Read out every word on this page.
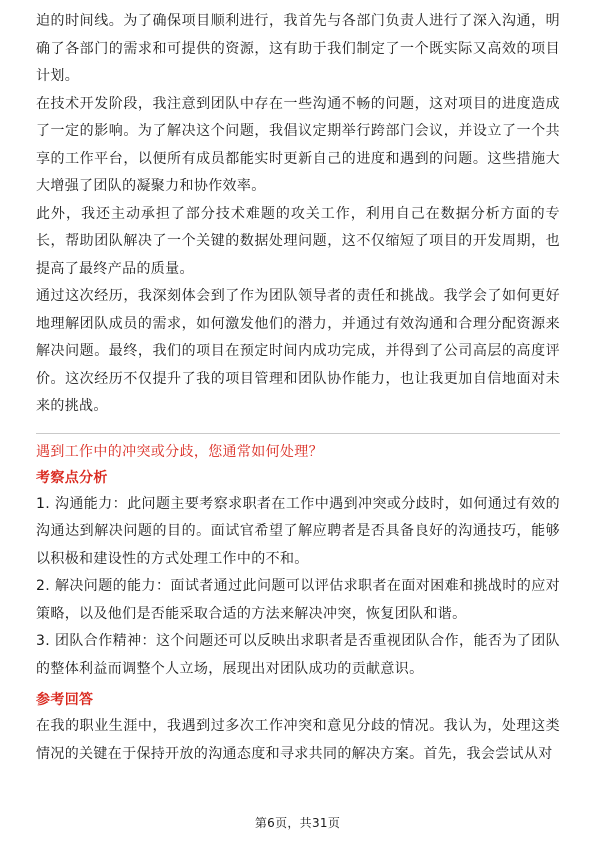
迫的时间线。为了确保项目顺利进行，我首先与各部门负责人进行了深入沟通，明确了各部门的需求和可提供的资源，这有助于我们制定了一个既实际又高效的项目计划。

在技术开发阶段，我注意到团队中存在一些沟通不畅的问题，这对项目的进度造成了一定的影响。为了解决这个问题，我倡议定期举行跨部门会议，并设立了一个共享的工作平台，以便所有成员都能实时更新自己的进度和遇到的问题。这些措施大大增强了团队的凝聚力和协作效率。

此外，我还主动承担了部分技术难题的攻关工作，利用自己在数据分析方面的专长，帮助团队解决了一个关键的数据处理问题，这不仅缩短了项目的开发周期，也提高了最终产品的质量。

通过这次经历，我深刻体会到了作为团队领导者的责任和挑战。我学会了如何更好地理解团队成员的需求，如何激发他们的潜力，并通过有效沟通和合理分配资源来解决问题。最终，我们的项目在预定时间内成功完成，并得到了公司高层的高度评价。这次经历不仅提升了我的项目管理和团队协作能力，也让我更加自信地面对未来的挑战。

遇到工作中的冲突或分歧，您通常如何处理？

考察点分析

1. 沟通能力：此问题主要考察求职者在工作中遇到冲突或分歧时，如何通过有效的沟通达到解决问题的目的。面试官希望了解应聘者是否具备良好的沟通技巧，能够以积极和建设性的方式处理工作中的不和。

2. 解决问题的能力：面试者通过此问题可以评估求职者在面对困难和挑战时的应对策略，以及他们是否能采取合适的方法来解决冲突，恢复团队和谐。

3. 团队合作精神：这个问题还可以反映出求职者是否重视团队合作，能否为了团队的整体利益而调整个人立场，展现出对团队成功的贡献意识。

参考回答

在我的职业生涯中，我遇到过多次工作冲突和意见分歧的情况。我认为，处理这类情况的关键在于保持开放的沟通态度和寻求共同的解决方案。首先，我会尝试从对

第6页，共31页
